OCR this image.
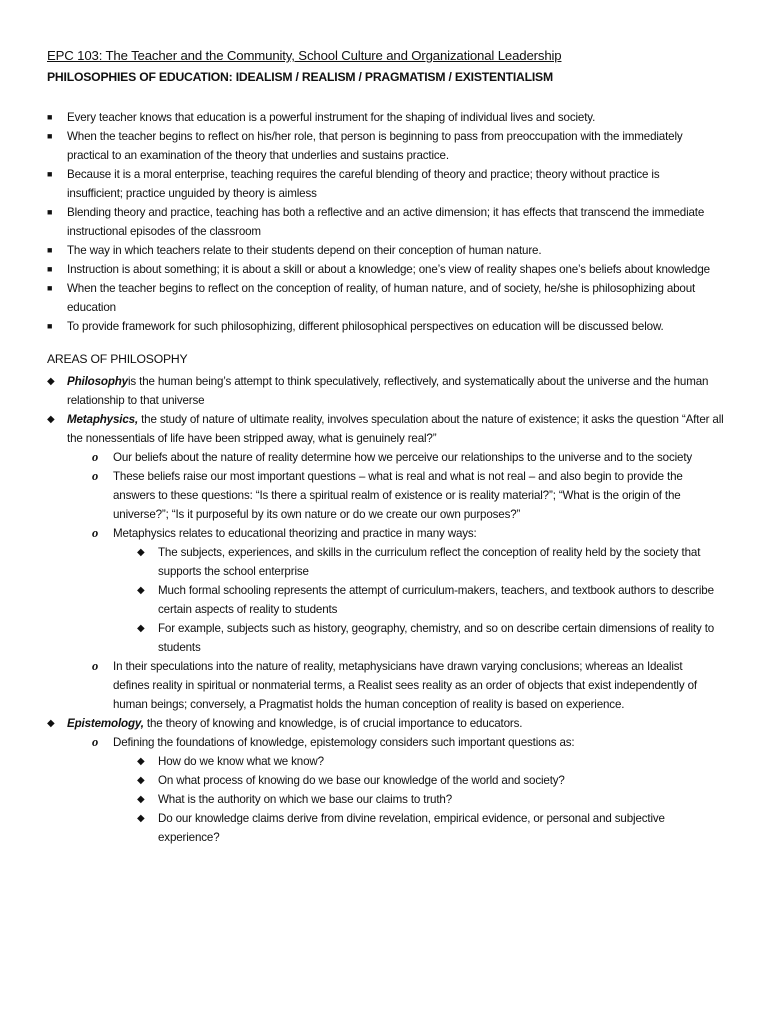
EPC 103: The Teacher and the Community, School Culture and Organizational Leadership
PHILOSOPHIES OF EDUCATION: IDEALISM / REALISM / PRAGMATISM / EXISTENTIALISM
■ Every teacher knows that education is a powerful instrument for the shaping of individual lives and society.
■ When the teacher begins to reflect on his/her role, that person is beginning to pass from preoccupation with the immediately practical to an examination of the theory that underlies and sustains practice.
■ Because it is a moral enterprise, teaching requires the careful blending of theory and practice; theory without practice is insufficient; practice unguided by theory is aimless
■ Blending theory and practice, teaching has both a reflective and an active dimension; it has effects that transcend the immediate instructional episodes of the classroom
■ The way in which teachers relate to their students depend on their conception of human nature.
■ Instruction is about something; it is about a skill or about a knowledge; one’s view of reality shapes one’s beliefs about knowledge
■ When the teacher begins to reflect on the conception of reality, of human nature, and of society, he/she is philosophizing about education
■ To provide framework for such philosophizing, different philosophical perspectives on education will be discussed below.
AREAS OF PHILOSOPHY
◆ Philosophyis the human being’s attempt to think speculatively, reflectively, and systematically about the universe and the human relationship to that universe
◆ Metaphysics, the study of nature of ultimate reality, involves speculation about the nature of existence; it asks the question “After all the nonessentials of life have been stripped away, what is genuinely real?”
o Our beliefs about the nature of reality determine how we perceive our relationships to the universe and to the society
o These beliefs raise our most important questions – what is real and what is not real – and also begin to provide the answers to these questions: “Is there a spiritual realm of existence or is reality material?”; “What is the origin of the universe?”; “Is it purposeful by its own nature or do we create our own purposes?”
o Metaphysics relates to educational theorizing and practice in many ways:
◆ The subjects, experiences, and skills in the curriculum reflect the conception of reality held by the society that supports the school enterprise
◆ Much formal schooling represents the attempt of curriculum-makers, teachers, and textbook authors to describe certain aspects of reality to students
◆ For example, subjects such as history, geography, chemistry, and so on describe certain dimensions of reality to students
o In their speculations into the nature of reality, metaphysicians have drawn varying conclusions; whereas an Idealist defines reality in spiritual or nonmaterial terms, a Realist sees reality as an order of objects that exist independently of human beings; conversely, a Pragmatist holds the human conception of reality is based on experience.
◆ Epistemology, the theory of knowing and knowledge, is of crucial importance to educators.
o Defining the foundations of knowledge, epistemology considers such important questions as:
◆ How do we know what we know?
◆ On what process of knowing do we base our knowledge of the world and society?
◆ What is the authority on which we base our claims to truth?
◆ Do our knowledge claims derive from divine revelation, empirical evidence, or personal and subjective experience?
